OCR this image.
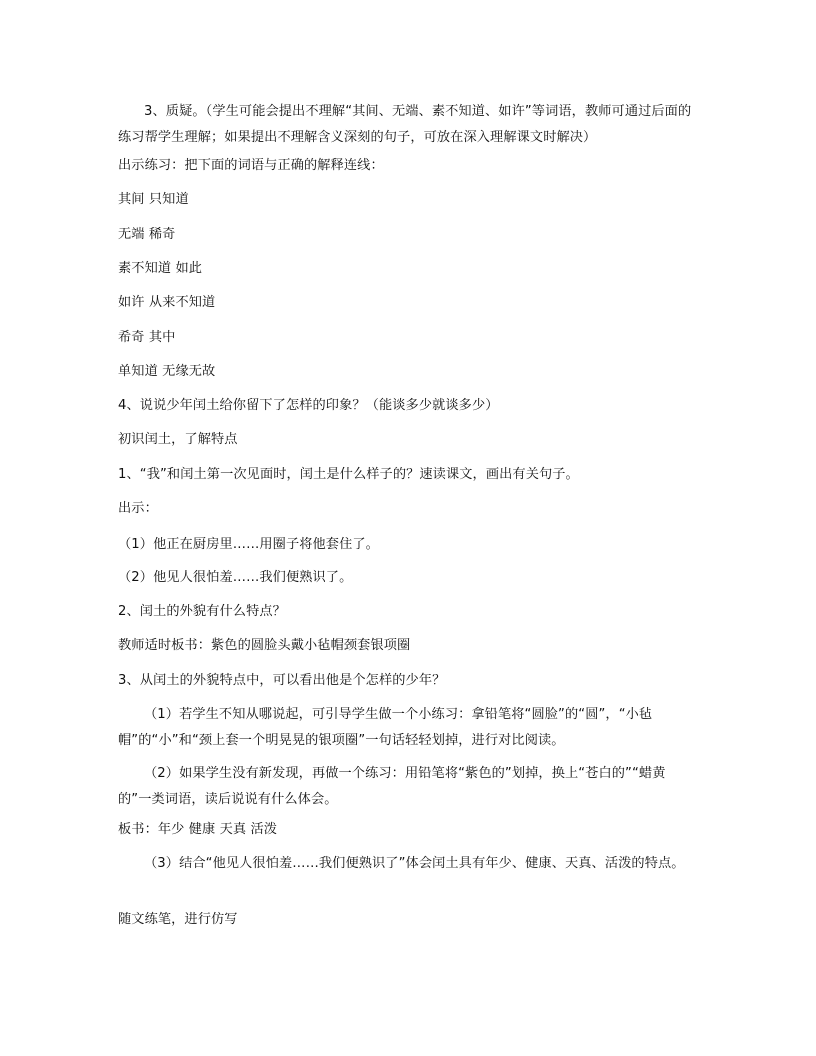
3、质疑。（学生可能会提出不理解“其间、无端、素不知道、如许”等词语，教师可通过后面的练习帮学生理解；如果提出不理解含义深刻的句子，可放在深入理解课文时解决）
出示练习：把下面的词语与正确的解释连线：
其间 只知道
无端 稀奇
素不知道 如此
如许 从来不知道
希奇 其中
单知道 无缘无故
4、说说少年闰土给你留下了怎样的印象？（能谈多少就谈多少）
初识闰土，了解特点
1、“我”和闰土第一次见面时，闰土是什么样子的？速读课文，画出有关句子。
出示：
（1）他正在厨房里……用圈子将他套住了。
（2）他见人很怕羞……我们便熟识了。
2、闰土的外貌有什么特点？
教师适时板书：紫色的圆脸头戴小毡帽颈套银项圈
3、从闰土的外貌特点中，可以看出他是个怎样的少年？
（1）若学生不知从哪说起，可引导学生做一个小练习：拿铅笔将“圆脸”的“圆”，“小毡帽”的“小”和“颈上套一个明晃晃的银项圈”一句话轻轻划掉，进行对比阅读。
（2）如果学生没有新发现，再做一个练习：用铅笔将“紫色的”划掉，换上“苍白的”“蜡黄的”一类词语，读后说说有什么体会。
板书：年少 健康 天真 活泼
（3）结合“他见人很怕羞……我们便熟识了”体会闰土具有年少、健康、天真、活泼的特点。
随文练笔，进行仿写
